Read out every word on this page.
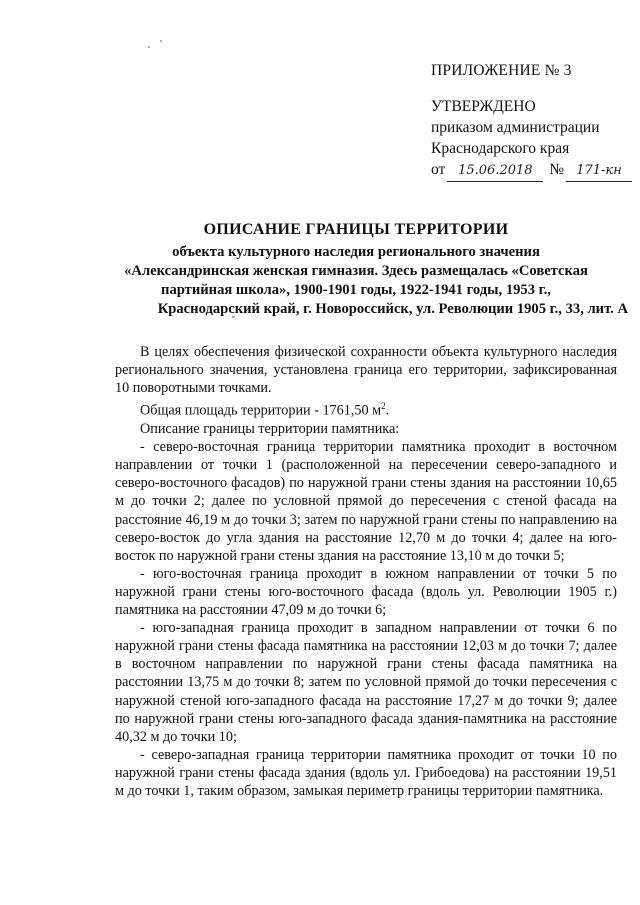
ПРИЛОЖЕНИЕ № 3
УТВЕРЖДЕНО
приказом администрации
Краснодарского края
от 15.06.2018 № 171-кн
ОПИСАНИЕ ГРАНИЦЫ ТЕРРИТОРИИ
объекта культурного наследия регионального значения
«Александринская женская гимназия. Здесь размещалась «Советская
партийная школа», 1900-1901 годы, 1922-1941 годы, 1953 г.,
Краснодарский край, г. Новороссийск, ул. Революции 1905 г., 33, лит. А

В целях обеспечения физической сохранности объекта культурного наследия регионального значения, установлена граница его территории, зафиксированная 10 поворотными точками.

Общая площадь территории - 1761,50 $м^2$.

Описание границы территории памятника:

- северо-восточная граница территории памятника проходит в восточном направлении от точки 1 (расположенной на пересечении северо-западного и северо-восточного фасадов) по наружной грани стены здания на расстоянии 10,65 м до точки 2; далее по условной прямой до пересечения с стеной фасада на расстояние 46,19 м до точки 3; затем по наружной грани стены по направлению на северо-восток до угла здания на расстояние 12,70 м до точки 4; далее на юго-восток по наружной грани стены здания на расстояние 13,10 м до точки 5;

- юго-восточная граница проходит в южном направлении от точки 5 по наружной грани стены юго-восточного фасада (вдоль ул. Революции 1905 г.) памятника на расстоянии 47,09 м до точки 6;

- юго-западная граница проходит в западном направлении от точки 6 по наружной грани стены фасада памятника на расстоянии 12,03 м до точки 7; далее в восточном направлении по наружной грани стены фасада памятника на расстоянии 13,75 м до точки 8; затем по условной прямой до точки пересечения с наружной стеной юго-западного фасада на расстояние 17,27 м до точки 9; далее по наружной грани стены юго-западного фасада здания-памятника на расстояние 40,32 м до точки 10;

- северо-западная граница территории памятника проходит от точки 10 по наружной грани стены фасада здания (вдоль ул. Грибоедова) на расстоянии 19,51 м до точки 1, таким образом, замыкая периметр границы территории памятника.
